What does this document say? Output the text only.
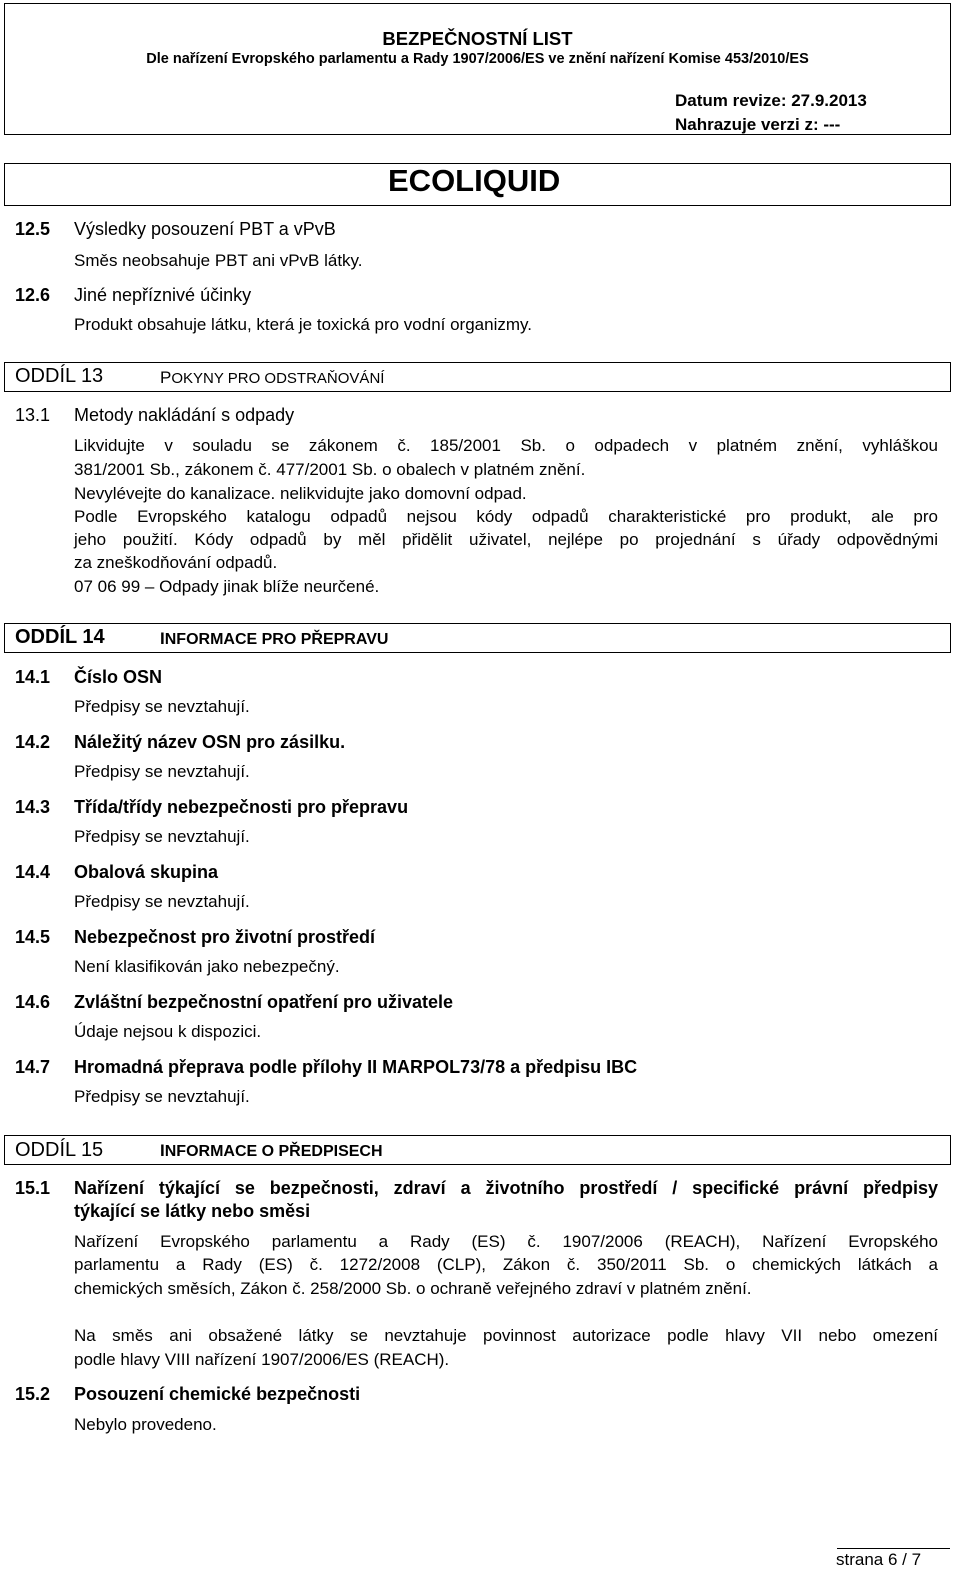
BEZPEČNOSTNÍ LIST
Dle nařízení Evropského parlamentu a Rady 1907/2006/ES ve znění nařízení Komise 453/2010/ES
Datum revize: 27.9.2013
Nahrazuje verzi z: ---
ECOLIQUID
12.5 Výsledky posouzení PBT a vPvB
Směs neobsahuje PBT ani vPvB látky.
12.6 Jiné nepříznivé účinky
Produkt obsahuje látku, která je toxická pro vodní organizmy.
ODDÍL 13	POKYNY PRO ODSTRAŇOVÁNÍ
13.1 Metody nakládání s odpady
Likvidujte v souladu se zákonem č. 185/2001 Sb. o odpadech v platném znění, vyhláškou
381/2001 Sb., zákonem č. 477/2001 Sb. o obalech v platném znění.
Nevylévejte do kanalizace. nelikvidujte jako domovní odpad.
Podle Evropského katalogu odpadů nejsou kódy odpadů charakteristické pro produkt, ale pro
jeho použití. Kódy odpadů by měl přidělit uživatel, nejlépe po projednání s úřady odpovědnými
za zneškodňování odpadů.
07 06 99 – Odpady jinak blíže neurčené.
ODDÍL 14	INFORMACE PRO PŘEPRAVU
14.1 Číslo OSN
Předpisy se nevztahují.
14.2 Náležitý název OSN pro zásilku.
Předpisy se nevztahují.
14.3 Třída/třídy nebezpečnosti pro přepravu
Předpisy se nevztahují.
14.4 Obalová skupina
Předpisy se nevztahují.
14.5 Nebezpečnost pro životní prostředí
Není klasifikován jako nebezpečný.
14.6 Zvláštní bezpečnostní opatření pro uživatele
Údaje nejsou k dispozici.
14.7 Hromadná přeprava podle přílohy II MARPOL73/78 a předpisu IBC
Předpisy se nevztahují.
ODDÍL 15	INFORMACE O PŘEDPISECH
15.1 Nařízení týkající se bezpečnosti, zdraví a životního prostředí / specifické právní předpisy
týkající se látky nebo směsi
Nařízení Evropského parlamentu a Rady (ES) č. 1907/2006 (REACH), Nařízení Evropského
parlamentu a Rady (ES) č. 1272/2008 (CLP), Zákon č. 350/2011 Sb. o chemických látkách a
chemických směsích, Zákon č. 258/2000 Sb. o ochraně veřejného zdraví v platném znění.
Na směs ani obsažené látky se nevztahuje povinnost autorizace podle hlavy VII nebo omezení
podle hlavy VIII nařízení 1907/2006/ES (REACH).
15.2 Posouzení chemické bezpečnosti
Nebylo provedeno.
strana 6 / 7
